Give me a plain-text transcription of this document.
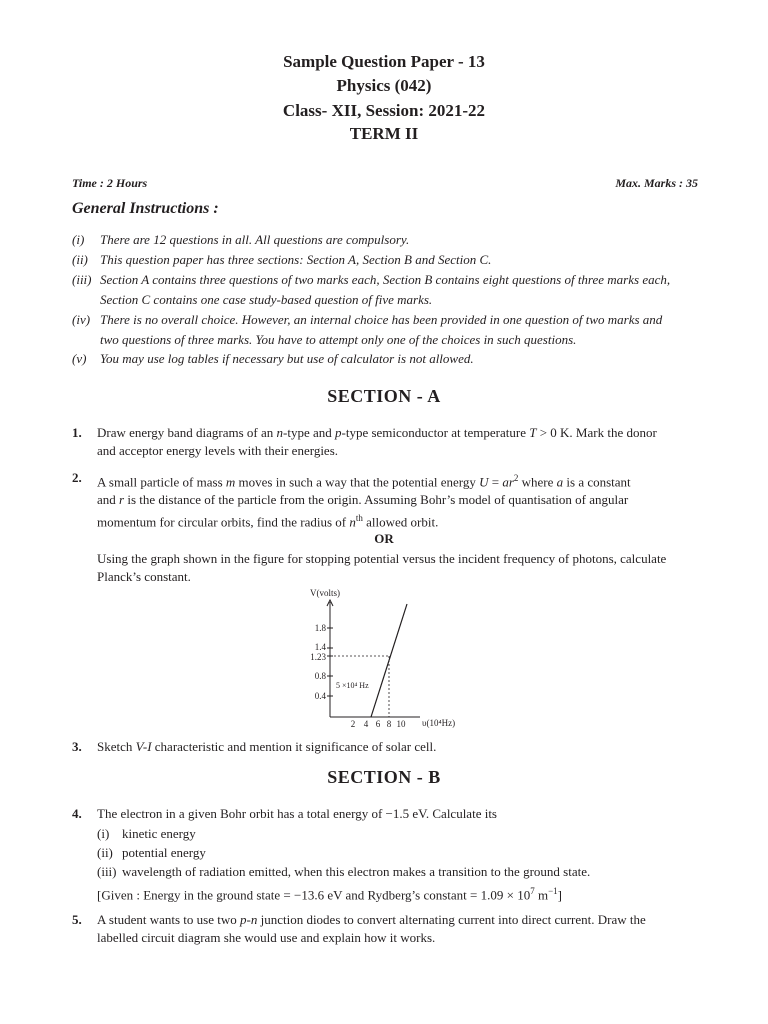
Sample Question Paper - 13
Physics (042)
Class- XII, Session: 2021-22
TERM II
Time : 2 Hours	Max. Marks : 35
General Instructions :
(i) There are 12 questions in all. All questions are compulsory.
(ii) This question paper has three sections: Section A, Section B and Section C.
(iii) Section A contains three questions of two marks each, Section B contains eight questions of three marks each,
Section C contains one case study-based question of five marks.
(iv) There is no overall choice. However, an internal choice has been provided in one question of two marks and
two questions of three marks. You have to attempt only one of the choices in such questions.
(v) You may use log tables if necessary but use of calculator is not allowed.
SECTION - A
1. Draw energy band diagrams of an n-type and p-type semiconductor at temperature T > 0 K. Mark the donor
and acceptor energy levels with their energies.
2. A small particle of mass m moves in such a way that the potential energy $U = ar^2$ where a is a constant
and r is the distance of the particle from the origin. Assuming Bohr’s model of quantisation of angular
momentum for circular orbits, find the radius of $n^{th}$ allowed orbit.
OR
Using the graph shown in the figure for stopping potential versus the incident frequency of photons, calculate
Planck’s constant.
V(volts)
υ(10⁴Hz)
1.8
1.4
1.23
0.8
0.4
2 4 6 8 10
5 ×10⁴ Hz
3. Sketch V-I characteristic and mention it significance of solar cell.
SECTION - B
4. The electron in a given Bohr orbit has a total energy of −1.5 eV. Calculate its
(i) kinetic energy
(ii) potential energy
(iii) wavelength of radiation emitted, when this electron makes a transition to the ground state.
[Given : Energy in the ground state = −13.6 eV and Rydberg’s constant = $1.09 \times 10^7$ $m^{-1}$]
5. A student wants to use two p-n junction diodes to convert alternating current into direct current. Draw the
labelled circuit diagram she would use and explain how it works.
